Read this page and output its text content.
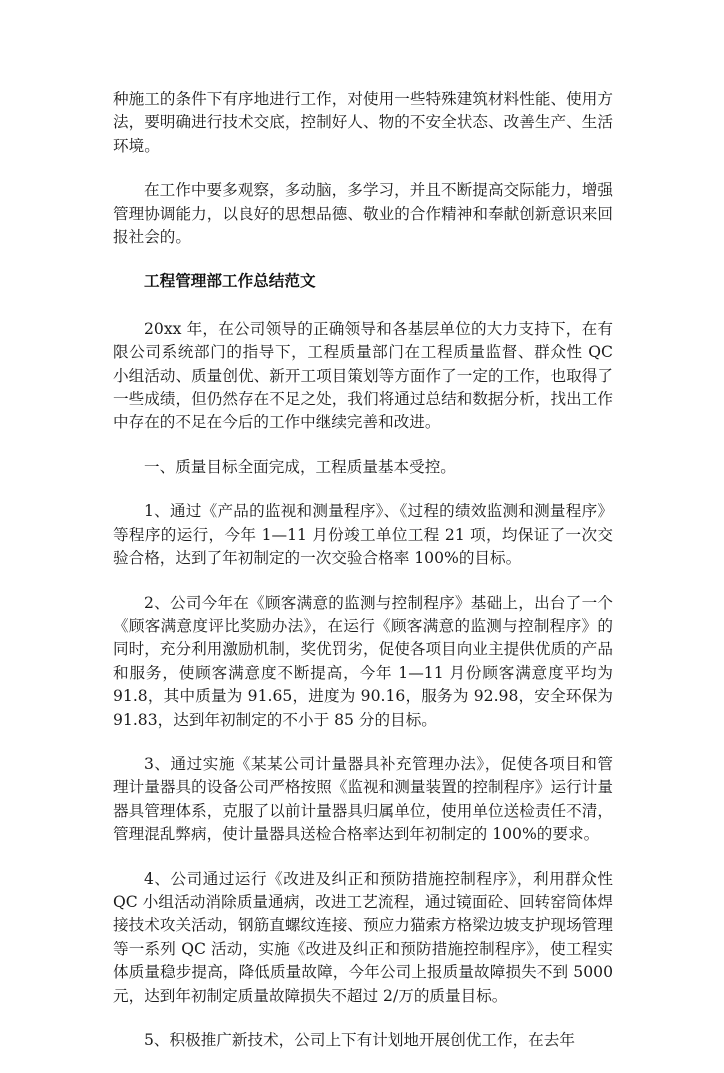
种施工的条件下有序地进行工作，对使用一些特殊建筑材料性能、使用方法，要明确进行技术交底，控制好人、物的不安全状态、改善生产、生活环境。

在工作中要多观察，多动脑，多学习，并且不断提高交际能力，增强管理协调能力，以良好的思想品德、敬业的合作精神和奉献创新意识来回报社会的。

工程管理部工作总结范文

20xx 年，在公司领导的正确领导和各基层单位的大力支持下，在有限公司系统部门的指导下，工程质量部门在工程质量监督、群众性 QC 小组活动、质量创优、新开工项目策划等方面作了一定的工作，也取得了一些成绩，但仍然存在不足之处，我们将通过总结和数据分析，找出工作中存在的不足在今后的工作中继续完善和改进。

一、质量目标全面完成，工程质量基本受控。

1、通过《产品的监视和测量程序》、《过程的绩效监测和测量程序》等程序的运行，今年 1—11 月份竣工单位工程 21 项，均保证了一次交验合格，达到了年初制定的一次交验合格率 100%的目标。

2、公司今年在《顾客满意的监测与控制程序》基础上，出台了一个《顾客满意度评比奖励办法》，在运行《顾客满意的监测与控制程序》的同时，充分利用激励机制，奖优罚劣，促使各项目向业主提供优质的产品和服务，使顾客满意度不断提高，今年 1—11 月份顾客满意度平均为 91.8，其中质量为 91.65，进度为 90.16，服务为 92.98，安全环保为 91.83，达到年初制定的不小于 85 分的目标。

3、通过实施《某某公司计量器具补充管理办法》，促使各项目和管理计量器具的设备公司严格按照《监视和测量装置的控制程序》运行计量器具管理体系，克服了以前计量器具归属单位，使用单位送检责任不清，管理混乱弊病，使计量器具送检合格率达到年初制定的 100%的要求。

4、公司通过运行《改进及纠正和预防措施控制程序》，利用群众性 QC 小组活动消除质量通病，改进工艺流程，通过镜面砼、回转窑筒体焊接技术攻关活动，钢筋直螺纹连接、预应力猫索方格梁边坡支护现场管理等一系列 QC 活动，实施《改进及纠正和预防措施控制程序》，使工程实体质量稳步提高，降低质量故障，今年公司上报质量故障损失不到 5000 元，达到年初制定质量故障损失不超过 2/万的质量目标。

5、积极推广新技术，公司上下有计划地开展创优工作，在去年
